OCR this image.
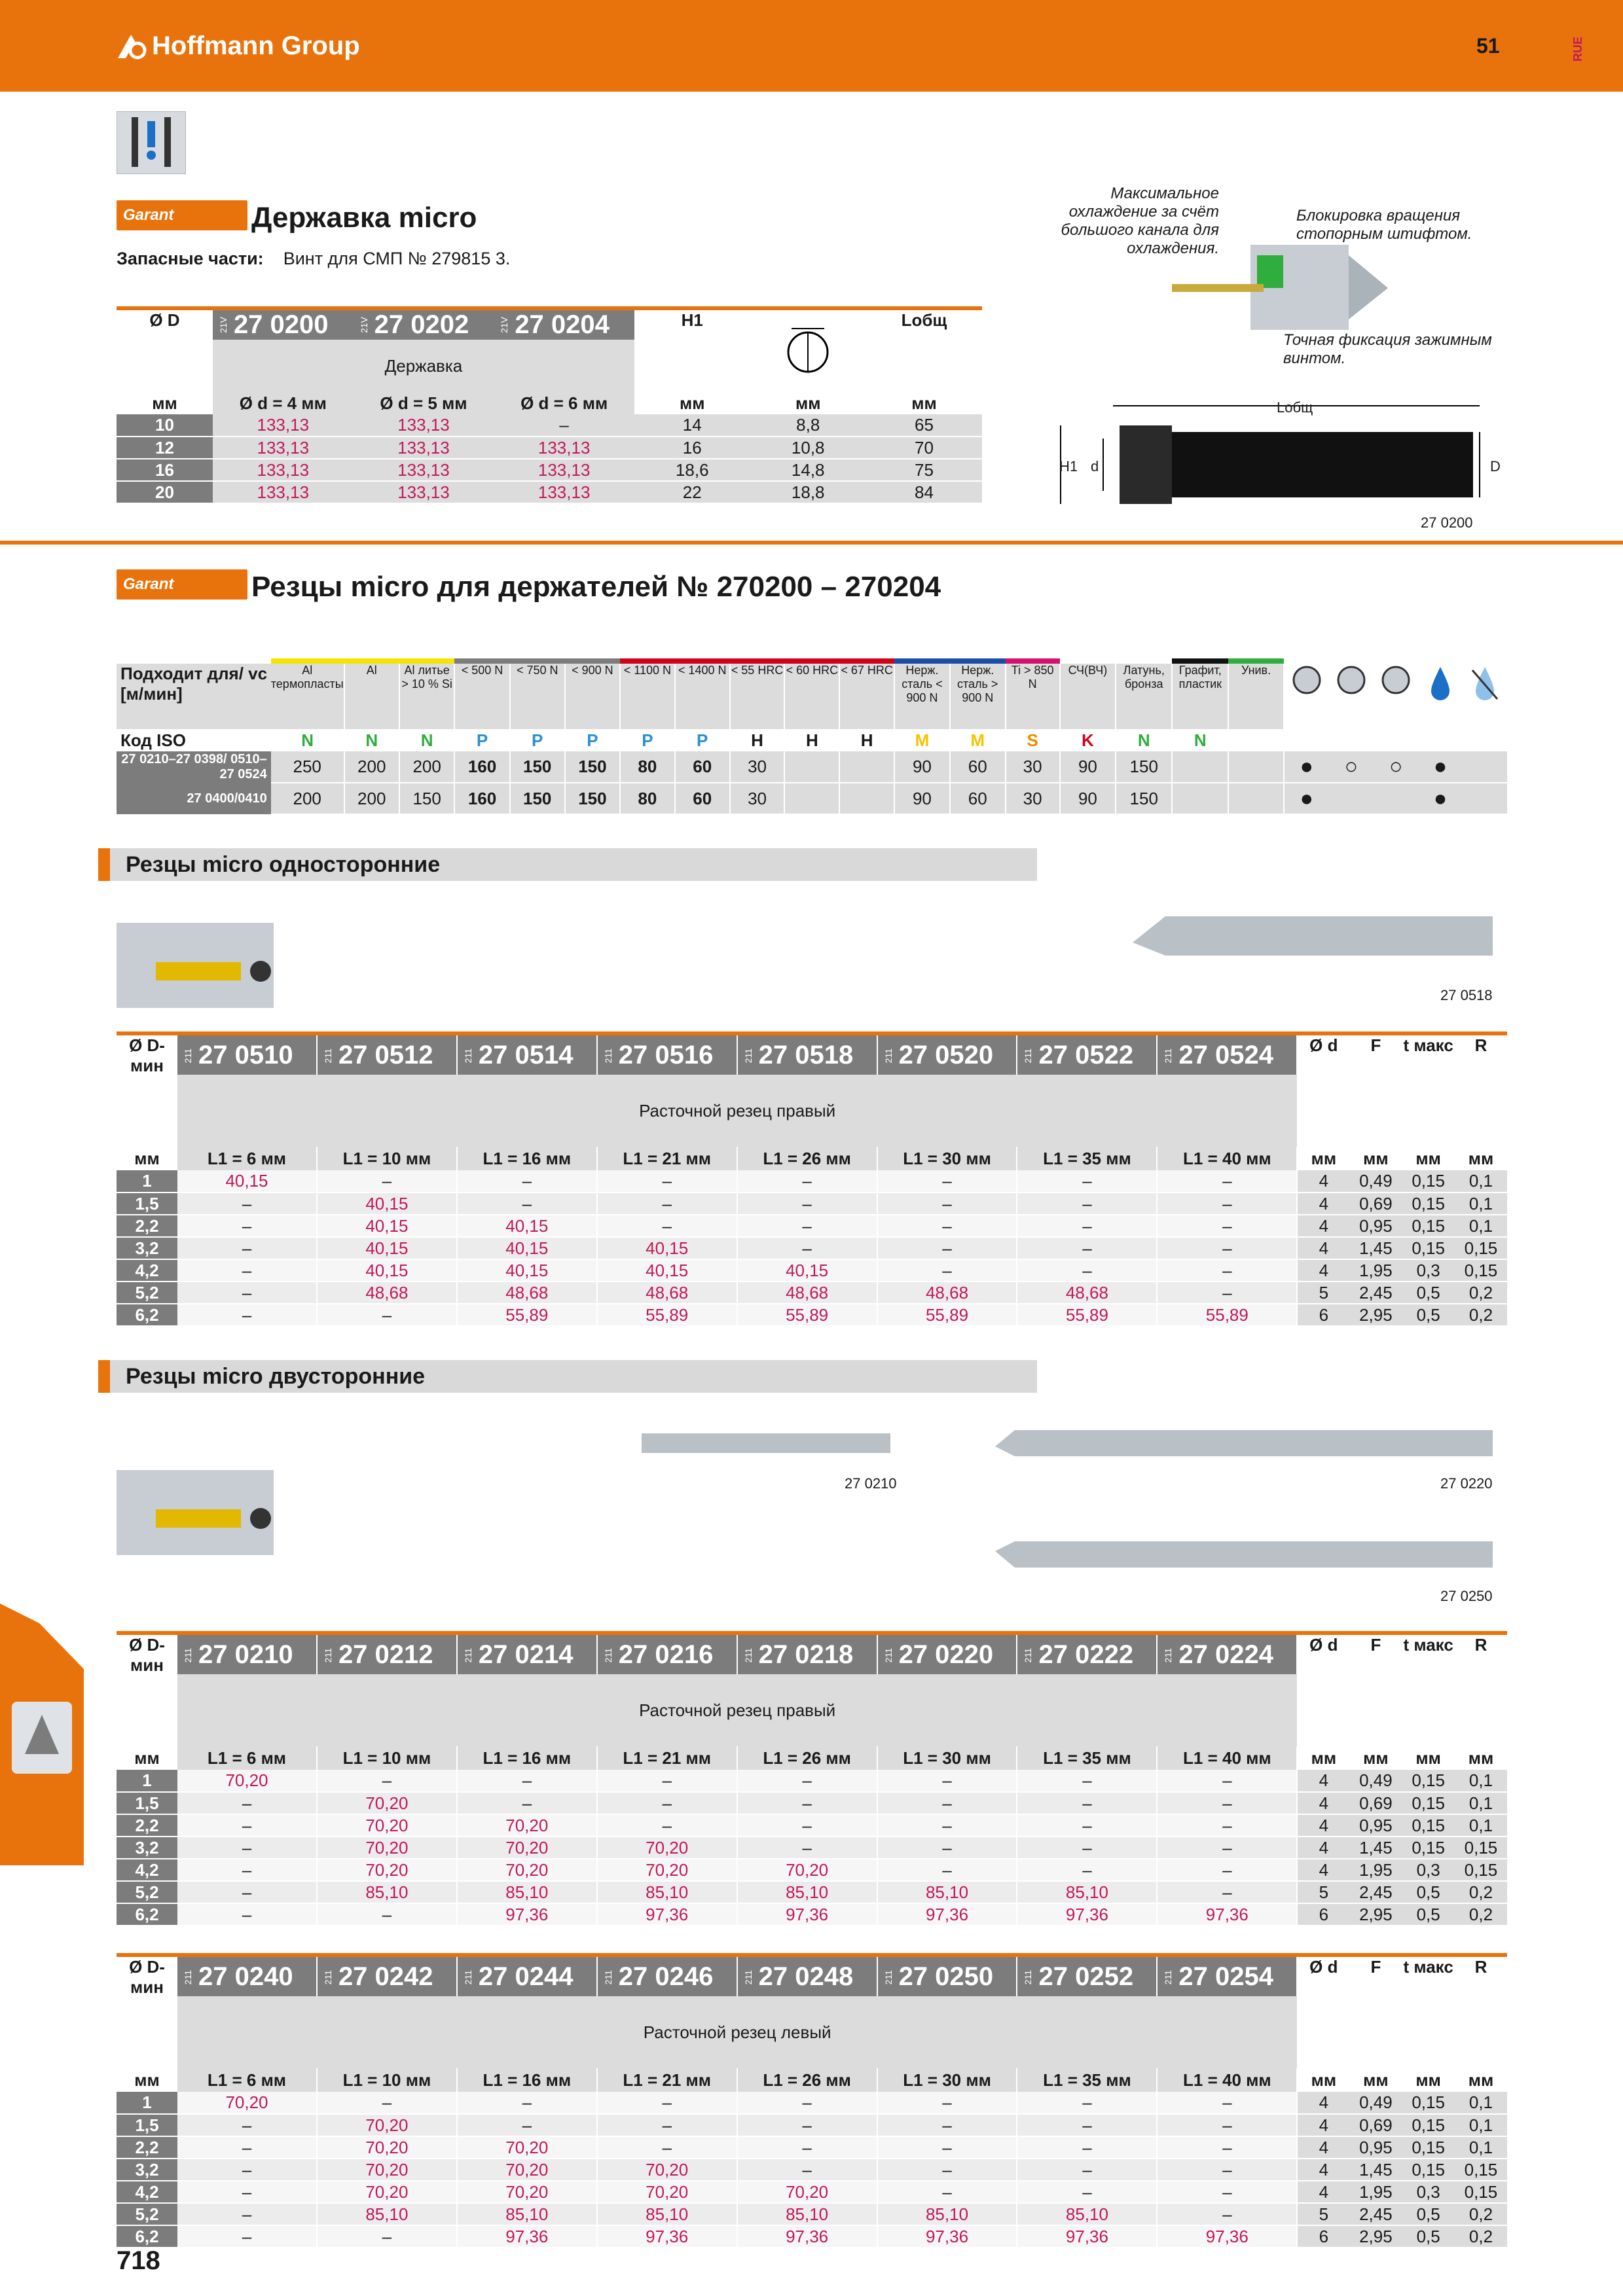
Hoffmann Group	51	RUE
Garant	Державка micro
Запасные части: Винт для СМП № 279815 3.
Максимальное охлаждение за счёт большого канала для охлаждения.
Блокировка вращения стопорным штифтом.
Точная фиксация зажимным винтом.
Lобщ
H1 d	D
27 0200
Ø D	21V 27 0200	21V 27 0202	21V 27 0204	H1		Lобщ
	Державка					
мм	Ø d = 4 мм	Ø d = 5 мм	Ø d = 6 мм	мм	мм	мм
10	133,13	133,13	–	14	8,8	65
12	133,13	133,13	133,13	16	10,8	70
16	133,13	133,13	133,13	18,6	14,8	75
20	133,13	133,13	133,13	22	18,8	84
Garant	Резцы micro для держателей № 270200 – 270204

Подходит для/ vc [м/мин]	Al термопласты	Al	Al литье > 10 % Si	< 500 N	< 750 N	< 900 N	< 1100 N	< 1400 N	< 55 HRC	< 60 HRC	< 67 HRC	Нерж. сталь < 900 N	Нерж. сталь > 900 N	Ti > 850 N	СЧ(ВЧ)	Латунь, бронза	Графит, пластик	Унив.					
Код ISO	N	N	N	P	P	P	P	P	H	H	H	M	M	S	K	N	N						
27 0210–27 0398/ 0510–27 0524	250	200	200	160	150	150	80	60	30			90	60	30	90	150			●	○	○	●	
27 0400/0410	200	200	150	160	150	150	80	60	30			90	60	30	90	150			●			●	
Резцы micro односторонние
27 0518
Ø D- мин	211 27 0510	211 27 0512	211 27 0514	211 27 0516	211 27 0518	211 27 0520	211 27 0522	211 27 0524	Ø d	F	t макс	R
	Расточной резец правый											
мм	L1 = 6 мм	L1 = 10 мм	L1 = 16 мм	L1 = 21 мм	L1 = 26 мм	L1 = 30 мм	L1 = 35 мм	L1 = 40 мм	мм	мм	мм	мм
1	40,15	–	–	–	–	–	–	–	4	0,49	0,15	0,1
1,5	–	40,15	–	–	–	–	–	–	4	0,69	0,15	0,1
2,2	–	40,15	40,15	–	–	–	–	–	4	0,95	0,15	0,1
3,2	–	40,15	40,15	40,15	–	–	–	–	4	1,45	0,15	0,15
4,2	–	40,15	40,15	40,15	40,15	–	–	–	4	1,95	0,3	0,15
5,2	–	48,68	48,68	48,68	48,68	48,68	48,68	–	5	2,45	0,5	0,2
6,2	–	–	55,89	55,89	55,89	55,89	55,89	55,89	6	2,95	0,5	0,2
Резцы micro двусторонние
27 0210	27 0220
27 0250
Ø D- мин	211 27 0210	211 27 0212	211 27 0214	211 27 0216	211 27 0218	211 27 0220	211 27 0222	211 27 0224	Ø d	F	t макс	R
	Расточной резец правый											
мм	L1 = 6 мм	L1 = 10 мм	L1 = 16 мм	L1 = 21 мм	L1 = 26 мм	L1 = 30 мм	L1 = 35 мм	L1 = 40 мм	мм	мм	мм	мм
1	70,20	–	–	–	–	–	–	–	4	0,49	0,15	0,1
1,5	–	70,20	–	–	–	–	–	–	4	0,69	0,15	0,1
2,2	–	70,20	70,20	–	–	–	–	–	4	0,95	0,15	0,1
3,2	–	70,20	70,20	70,20	–	–	–	–	4	1,45	0,15	0,15
4,2	–	70,20	70,20	70,20	70,20	–	–	–	4	1,95	0,3	0,15
5,2	–	85,10	85,10	85,10	85,10	85,10	85,10	–	5	2,45	0,5	0,2
6,2	–	–	97,36	97,36	97,36	97,36	97,36	97,36	6	2,95	0,5	0,2
Ø D- мин	211 27 0240	211 27 0242	211 27 0244	211 27 0246	211 27 0248	211 27 0250	211 27 0252	211 27 0254	Ø d	F	t макс	R
	Расточной резец левый											
мм	L1 = 6 мм	L1 = 10 мм	L1 = 16 мм	L1 = 21 мм	L1 = 26 мм	L1 = 30 мм	L1 = 35 мм	L1 = 40 мм	мм	мм	мм	мм
1	70,20	–	–	–	–	–	–	–	4	0,49	0,15	0,1
1,5	–	70,20	–	–	–	–	–	–	4	0,69	0,15	0,1
2,2	–	70,20	70,20	–	–	–	–	–	4	0,95	0,15	0,1
3,2	–	70,20	70,20	70,20	–	–	–	–	4	1,45	0,15	0,15
4,2	–	70,20	70,20	70,20	70,20	–	–	–	4	1,95	0,3	0,15
5,2	–	85,10	85,10	85,10	85,10	85,10	85,10	–	5	2,45	0,5	0,2
6,2	–	–	97,36	97,36	97,36	97,36	97,36	97,36	6	2,95	0,5	0,2
718
